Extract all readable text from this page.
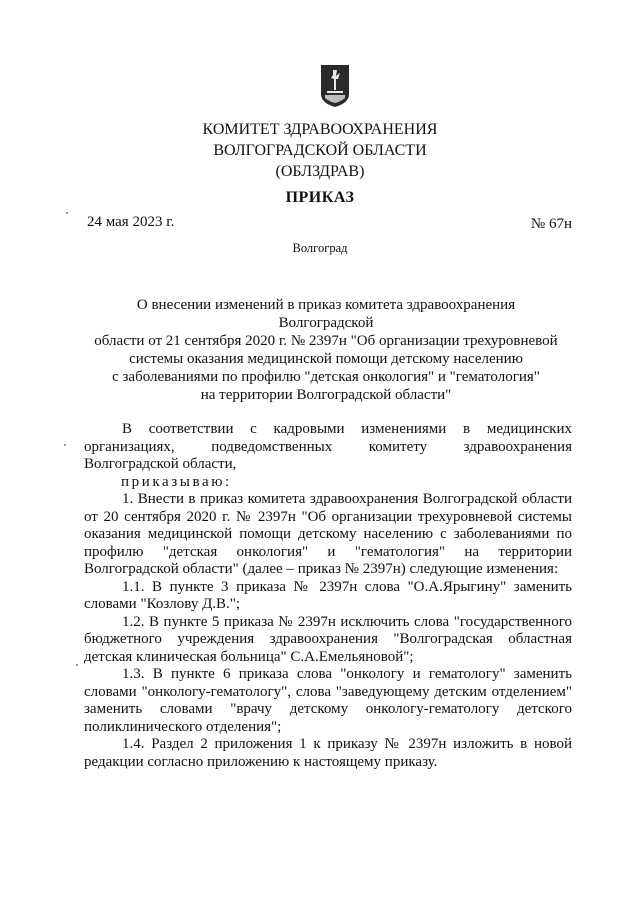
КОМИТЕТ ЗДРАВООХРАНЕНИЯ
ВОЛГОГРАДСКОЙ ОБЛАСТИ
(ОБЛЗДРАВ)
ПРИКАЗ
24 мая 2023 г.	№ 67н
Волгоград
О внесении изменений в приказ комитета здравоохранения Волгоградской
области от 21 сентября 2020 г. № 2397н "Об организации трехуровневой
системы оказания медицинской помощи детскому населению
с заболеваниями по профилю "детская онкология" и "гематология"
на территории Волгоградской области"
В соответствии с кадровыми изменениями в медицинских организациях, подведомственных комитету здравоохранения Волгоградской области,
приказываю:
1. Внести в приказ комитета здравоохранения Волгоградской области от 20 сентября 2020 г. № 2397н "Об организации трехуровневой системы оказания медицинской помощи детскому населению с заболеваниями по профилю "детская онкология" и "гематология" на территории Волгоградской области" (далее – приказ № 2397н) следующие изменения:
1.1. В пункте 3 приказа № 2397н слова "О.А.Ярыгину" заменить словами "Козлову Д.В.";
1.2. В пункте 5 приказа № 2397н исключить слова "государственного бюджетного учреждения здравоохранения "Волгоградская областная детская клиническая больница" С.А.Емельяновой";
1.3. В пункте 6 приказа слова "онкологу и гематологу" заменить словами "онкологу-гематологу", слова "заведующему детским отделением" заменить словами "врачу детскому онкологу-гематологу детского поликлинического отделения";
1.4. Раздел 2 приложения 1 к приказу № 2397н изложить в новой редакции согласно приложению к настоящему приказу.
